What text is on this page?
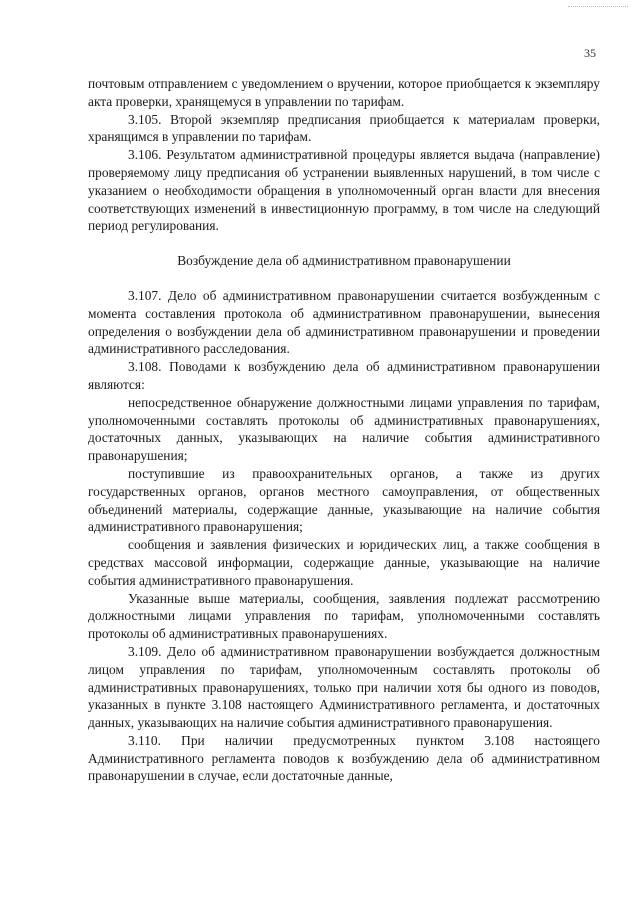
35

почтовым отправлением с уведомлением о вручении, которое приобщается к экземпляру акта проверки, хранящемуся в управлении по тарифам.

3.105. Второй экземпляр предписания приобщается к материалам проверки, хранящимся в управлении по тарифам.

3.106. Результатом административной процедуры является выдача (направление) проверяемому лицу предписания об устранении выявленных нарушений, в том числе с указанием о необходимости обращения в уполномоченный орган власти для внесения соответствующих изменений в инвестиционную программу, в том числе на следующий период регулирования.

Возбуждение дела об административном правонарушении

3.107. Дело об административном правонарушении считается возбужденным с момента составления протокола об административном правонарушении, вынесения определения о возбуждении дела об административном правонарушении и проведении административного расследования.

3.108. Поводами к возбуждению дела об административном правонарушении являются:

непосредственное обнаружение должностными лицами управления по тарифам, уполномоченными составлять протоколы об административных правонарушениях, достаточных данных, указывающих на наличие события административного правонарушения;

поступившие из правоохранительных органов, а также из других государственных органов, органов местного самоуправления, от общественных объединений материалы, содержащие данные, указывающие на наличие события административного правонарушения;

сообщения и заявления физических и юридических лиц, а также сообщения в средствах массовой информации, содержащие данные, указывающие на наличие события административного правонарушения.

Указанные выше материалы, сообщения, заявления подлежат рассмотрению должностными лицами управления по тарифам, уполномоченными составлять протоколы об административных правонарушениях.

3.109. Дело об административном правонарушении возбуждается должностным лицом управления по тарифам, уполномоченным составлять протоколы об административных правонарушениях, только при наличии хотя бы одного из поводов, указанных в пункте 3.108 настоящего Административного регламента, и достаточных данных, указывающих на наличие события административного правонарушения.

3.110. При наличии предусмотренных пунктом 3.108 настоящего Административного регламента поводов к возбуждению дела об административном правонарушении в случае, если достаточные данные,
